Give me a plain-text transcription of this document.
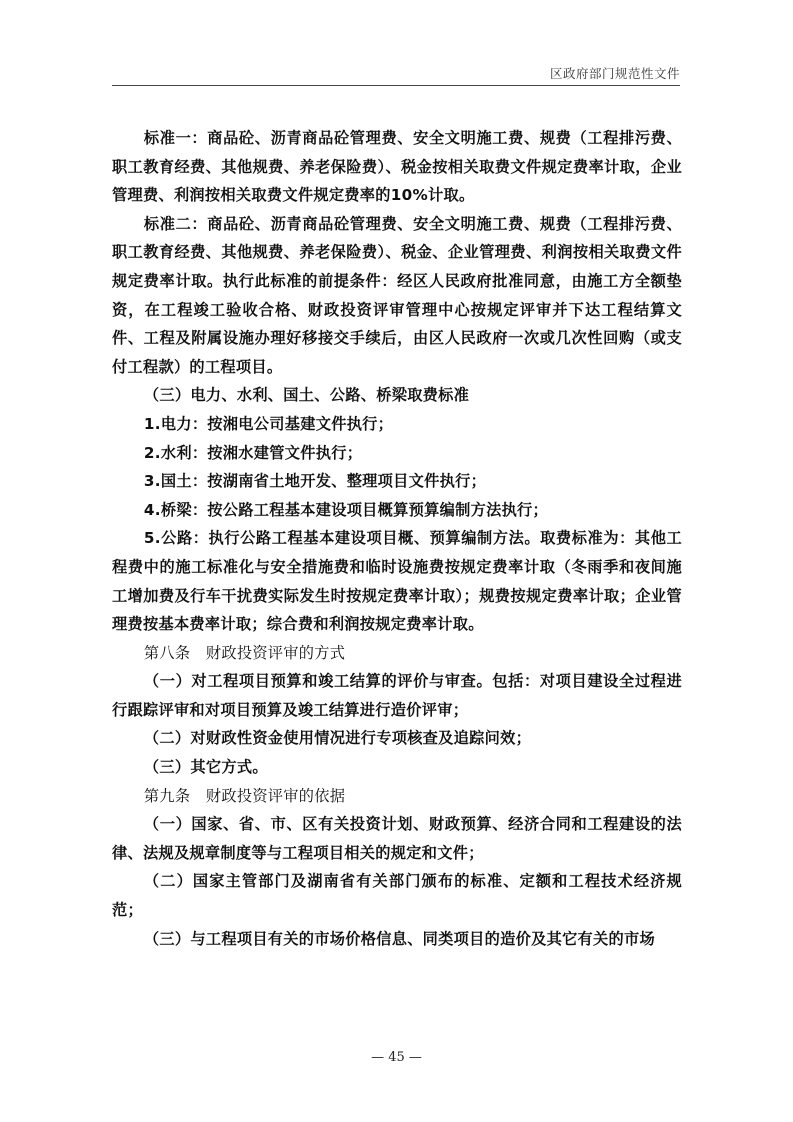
区政府部门规范性文件

标准一：商品砼、沥青商品砼管理费、安全文明施工费、规费（工程排污费、职工教育经费、其他规费、养老保险费）、税金按相关取费文件规定费率计取，企业管理费、利润按相关取费文件规定费率的10%计取。

标准二：商品砼、沥青商品砼管理费、安全文明施工费、规费（工程排污费、职工教育经费、其他规费、养老保险费）、税金、企业管理费、利润按相关取费文件规定费率计取。执行此标准的前提条件：经区人民政府批准同意，由施工方全额垫资，在工程竣工验收合格、财政投资评审管理中心按规定评审并下达工程结算文件、工程及附属设施办理好移接交手续后，由区人民政府一次或几次性回购（或支付工程款）的工程项目。

（三）电力、水利、国土、公路、桥梁取费标准

1.电力：按湘电公司基建文件执行；

2.水利：按湘水建管文件执行；

3.国土：按湖南省土地开发、整理项目文件执行；

4.桥梁：按公路工程基本建设项目概算预算编制方法执行；

5.公路：执行公路工程基本建设项目概、预算编制方法。取费标准为：其他工程费中的施工标准化与安全措施费和临时设施费按规定费率计取（冬雨季和夜间施工增加费及行车干扰费实际发生时按规定费率计取）；规费按规定费率计取；企业管理费按基本费率计取；综合费和利润按规定费率计取。

第八条　财政投资评审的方式

（一）对工程项目预算和竣工结算的评价与审查。包括：对项目建设全过程进行跟踪评审和对项目预算及竣工结算进行造价评审；

（二）对财政性资金使用情况进行专项核查及追踪问效；

（三）其它方式。

第九条　财政投资评审的依据

（一）国家、省、市、区有关投资计划、财政预算、经济合同和工程建设的法律、法规及规章制度等与工程项目相关的规定和文件；

（二）国家主管部门及湖南省有关部门颁布的标准、定额和工程技术经济规范；

（三）与工程项目有关的市场价格信息、同类项目的造价及其它有关的市场

— 45 —
